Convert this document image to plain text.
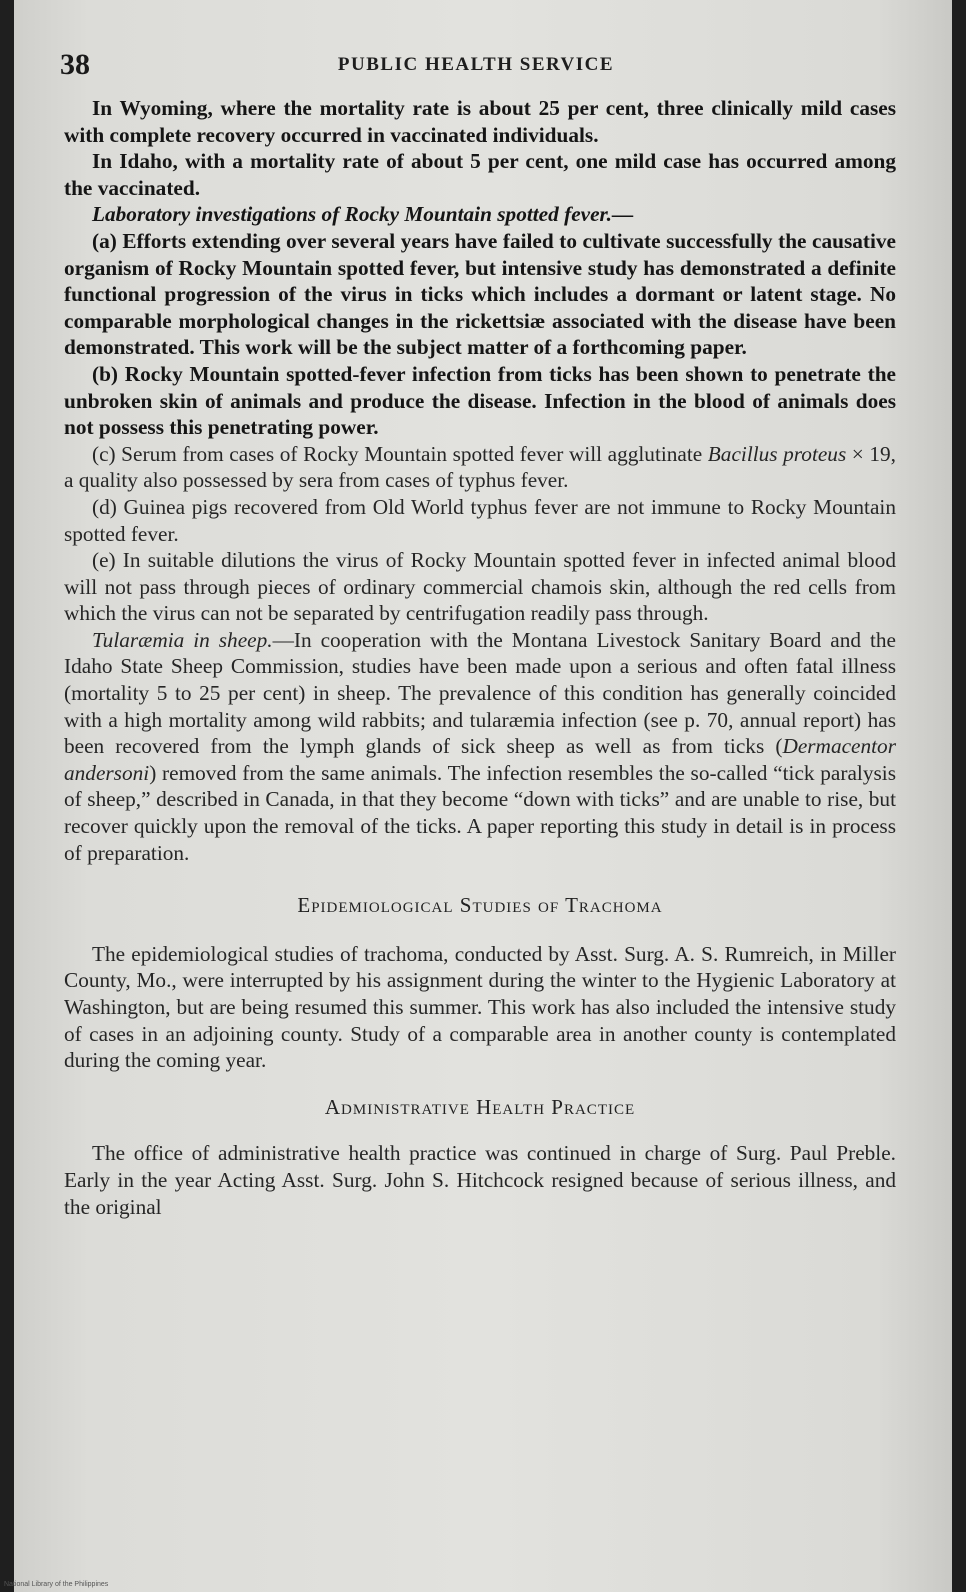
38	PUBLIC HEALTH SERVICE

In Wyoming, where the mortality rate is about 25 per cent, three clinically mild cases with complete recovery occurred in vaccinated individuals.

In Idaho, with a mortality rate of about 5 per cent, one mild case has occurred among the vaccinated.

Laboratory investigations of Rocky Mountain spotted fever.—

(a) Efforts extending over several years have failed to cultivate successfully the causative organism of Rocky Mountain spotted fever, but intensive study has demonstrated a definite functional progression of the virus in ticks which includes a dormant or latent stage. No comparable morphological changes in the rickettsiæ associated with the disease have been demonstrated. This work will be the subject matter of a forthcoming paper.

(b) Rocky Mountain spotted-fever infection from ticks has been shown to penetrate the unbroken skin of animals and produce the disease. Infection in the blood of animals does not possess this penetrating power.

(c) Serum from cases of Rocky Mountain spotted fever will agglutinate Bacillus proteus × 19, a quality also possessed by sera from cases of typhus fever.

(d) Guinea pigs recovered from Old World typhus fever are not immune to Rocky Mountain spotted fever.

(e) In suitable dilutions the virus of Rocky Mountain spotted fever in infected animal blood will not pass through pieces of ordinary commercial chamois skin, although the red cells from which the virus can not be separated by centrifugation readily pass through.

Tularæmia in sheep.—In cooperation with the Montana Livestock Sanitary Board and the Idaho State Sheep Commission, studies have been made upon a serious and often fatal illness (mortality 5 to 25 per cent) in sheep. The prevalence of this condition has generally coincided with a high mortality among wild rabbits; and tularæmia infection (see p. 70, annual report) has been recovered from the lymph glands of sick sheep as well as from ticks (Dermacentor andersoni) removed from the same animals. The infection resembles the so-called “tick paralysis of sheep,” described in Canada, in that they become “down with ticks” and are unable to rise, but recover quickly upon the removal of the ticks. A paper reporting this study in detail is in process of preparation.

Epidemiological Studies of Trachoma

The epidemiological studies of trachoma, conducted by Asst. Surg. A. S. Rumreich, in Miller County, Mo., were interrupted by his assignment during the winter to the Hygienic Laboratory at Washington, but are being resumed this summer. This work has also included the intensive study of cases in an adjoining county. Study of a comparable area in another county is contemplated during the coming year.

Administrative Health Practice

The office of administrative health practice was continued in charge of Surg. Paul Preble. Early in the year Acting Asst. Surg. John S. Hitchcock resigned because of serious illness, and the original

National Library of the Philippines
